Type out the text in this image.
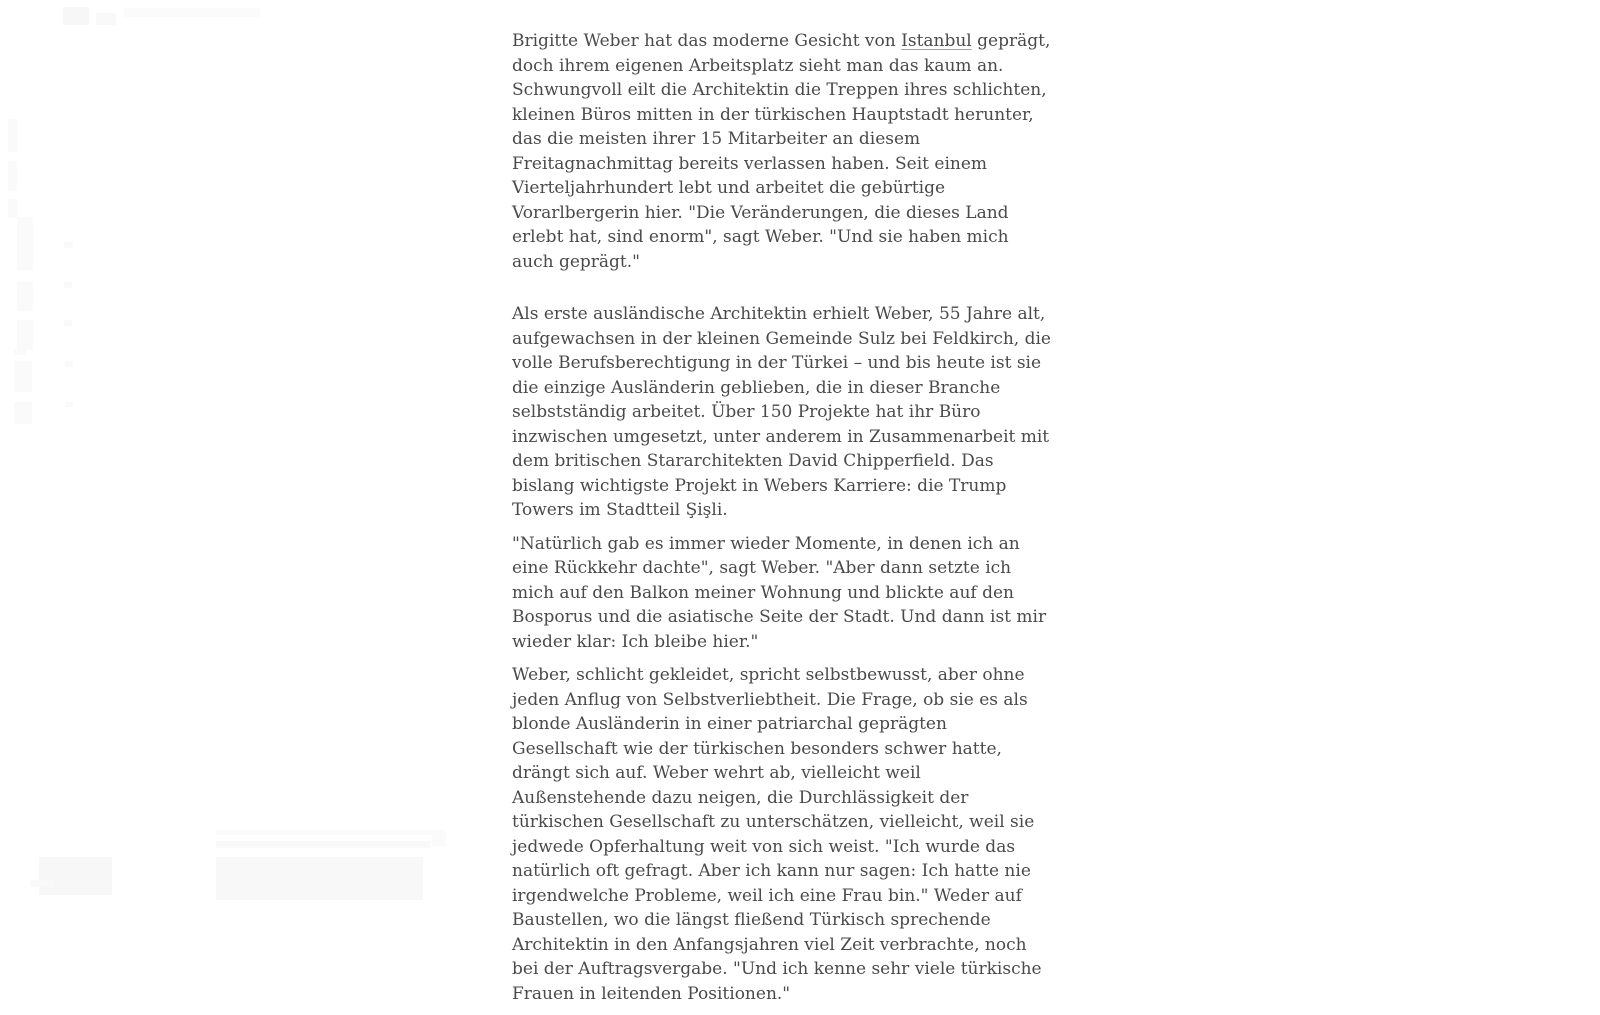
Brigitte Weber hat das moderne Gesicht von Istanbul geprägt, doch ihrem eigenen Arbeitsplatz sieht man das kaum an. Schwungvoll eilt die Architektin die Treppen ihres schlichten, kleinen Büros mitten in der türkischen Hauptstadt herunter, das die meisten ihrer 15 Mitarbeiter an diesem Freitagnachmittag bereits verlassen haben. Seit einem Vierteljahrhundert lebt und arbeitet die gebürtige Vorarlbergerin hier. "Die Veränderungen, die dieses Land erlebt hat, sind enorm", sagt Weber. "Und sie haben mich auch geprägt."

Als erste ausländische Architektin erhielt Weber, 55 Jahre alt, aufgewachsen in der kleinen Gemeinde Sulz bei Feldkirch, die volle Berufsberechtigung in der Türkei – und bis heute ist sie die einzige Ausländerin geblieben, die in dieser Branche selbstständig arbeitet. Über 150 Projekte hat ihr Büro inzwischen umgesetzt, unter anderem in Zusammenarbeit mit dem britischen Stararchitekten David Chipperfield. Das bislang wichtigste Projekt in Webers Karriere: die Trump Towers im Stadtteil Şişli.

"Natürlich gab es immer wieder Momente, in denen ich an eine Rückkehr dachte", sagt Weber. "Aber dann setzte ich mich auf den Balkon meiner Wohnung und blickte auf den Bosporus und die asiatische Seite der Stadt. Und dann ist mir wieder klar: Ich bleibe hier."

Weber, schlicht gekleidet, spricht selbstbewusst, aber ohne jeden Anflug von Selbstverliebtheit. Die Frage, ob sie es als blonde Ausländerin in einer patriarchal geprägten Gesellschaft wie der türkischen besonders schwer hatte, drängt sich auf. Weber wehrt ab, vielleicht weil Außenstehende dazu neigen, die Durchlässigkeit der türkischen Gesellschaft zu unterschätzen, vielleicht, weil sie jedwede Opferhaltung weit von sich weist. "Ich wurde das natürlich oft gefragt. Aber ich kann nur sagen: Ich hatte nie irgendwelche Probleme, weil ich eine Frau bin." Weder auf Baustellen, wo die längst fließend Türkisch sprechende Architektin in den Anfangsjahren viel Zeit verbrachte, noch bei der Auftragsvergabe. "Und ich kenne sehr viele türkische Frauen in leitenden Positionen."
